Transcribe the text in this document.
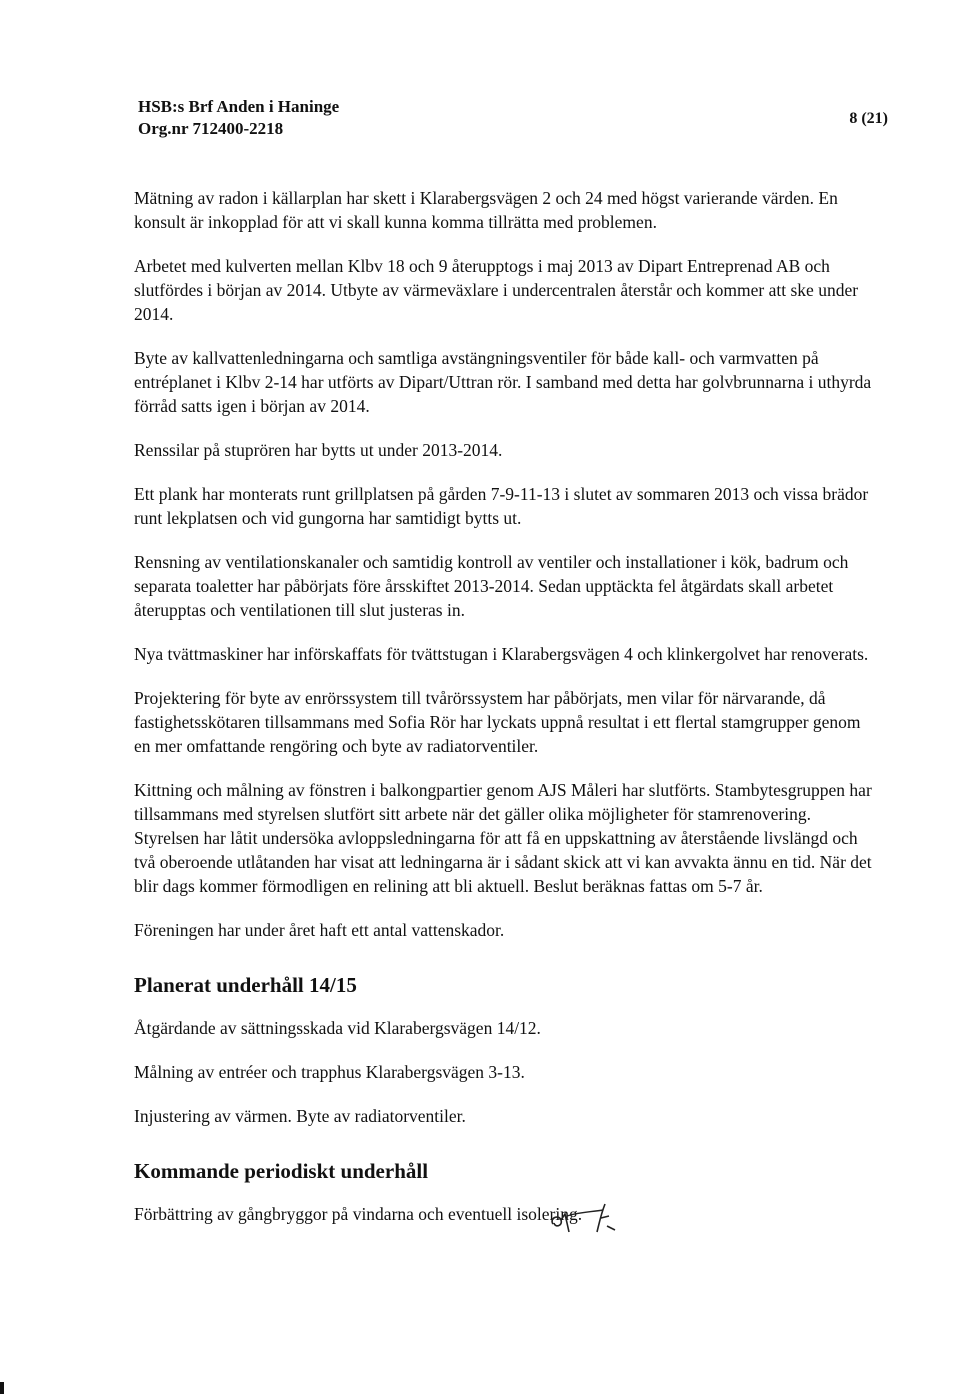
HSB:s Brf Anden i Haninge
Org.nr 712400-2218
8 (21)

Mätning av radon i källarplan har skett i Klarabergsvägen 2 och 24 med högst varierande värden. En konsult är inkopplad för att vi skall kunna komma tillrätta med problemen.

Arbetet med kulverten mellan Klbv 18 och 9 återupptogs i maj 2013 av Dipart Entreprenad AB och slutfördes i början av 2014. Utbyte av värmeväxlare i undercentralen återstår och kommer att ske under 2014.

Byte av kallvattenledningarna och samtliga avstängningsventiler för både kall- och varmvatten på entréplanet i Klbv 2-14 har utförts av Dipart/Uttran rör. I samband med detta har golvbrunnarna i uthyrda förråd satts igen i början av 2014.

Renssilar på stuprören har bytts ut under 2013-2014.

Ett plank har monterats runt grillplatsen på gården 7-9-11-13 i slutet av sommaren 2013 och vissa brädor runt lekplatsen och vid gungorna har samtidigt bytts ut.

Rensning av ventilationskanaler och samtidig kontroll av ventiler och installationer i kök, badrum och separata toaletter har påbörjats före årsskiftet 2013-2014. Sedan upptäckta fel åtgärdats skall arbetet återupptas och ventilationen till slut justeras in.

Nya tvättmaskiner har införskaffats för tvättstugan i Klarabergsvägen 4 och klinkergolvet har renoverats.

Projektering för byte av enrörssystem till tvårörssystem har påbörjats, men vilar för närvarande, då fastighetsskötaren tillsammans med Sofia Rör har lyckats uppnå resultat i ett flertal stamgrupper genom en mer omfattande rengöring och byte av radiatorventiler.

Kittning och målning av fönstren i balkongpartier genom AJS Måleri har slutförts. Stambytesgruppen har tillsammans med styrelsen slutfört sitt arbete när det gäller olika möjligheter för stamrenovering. Styrelsen har låtit undersöka avloppsledningarna för att få en uppskattning av återstående livslängd och två oberoende utlåtanden har visat att ledningarna är i sådant skick att vi kan avvakta ännu en tid. När det blir dags kommer förmodligen en relining att bli aktuell. Beslut beräknas fattas om 5-7 år.

Föreningen har under året haft ett antal vattenskador.

Planerat underhåll 14/15

Åtgärdande av sättningsskada vid Klarabergsvägen 14/12.

Målning av entréer och trapphus Klarabergsvägen 3-13.

Injustering av värmen. Byte av radiatorventiler.

Kommande periodiskt underhåll

Förbättring av gångbryggor på vindarna och eventuell isolering.
